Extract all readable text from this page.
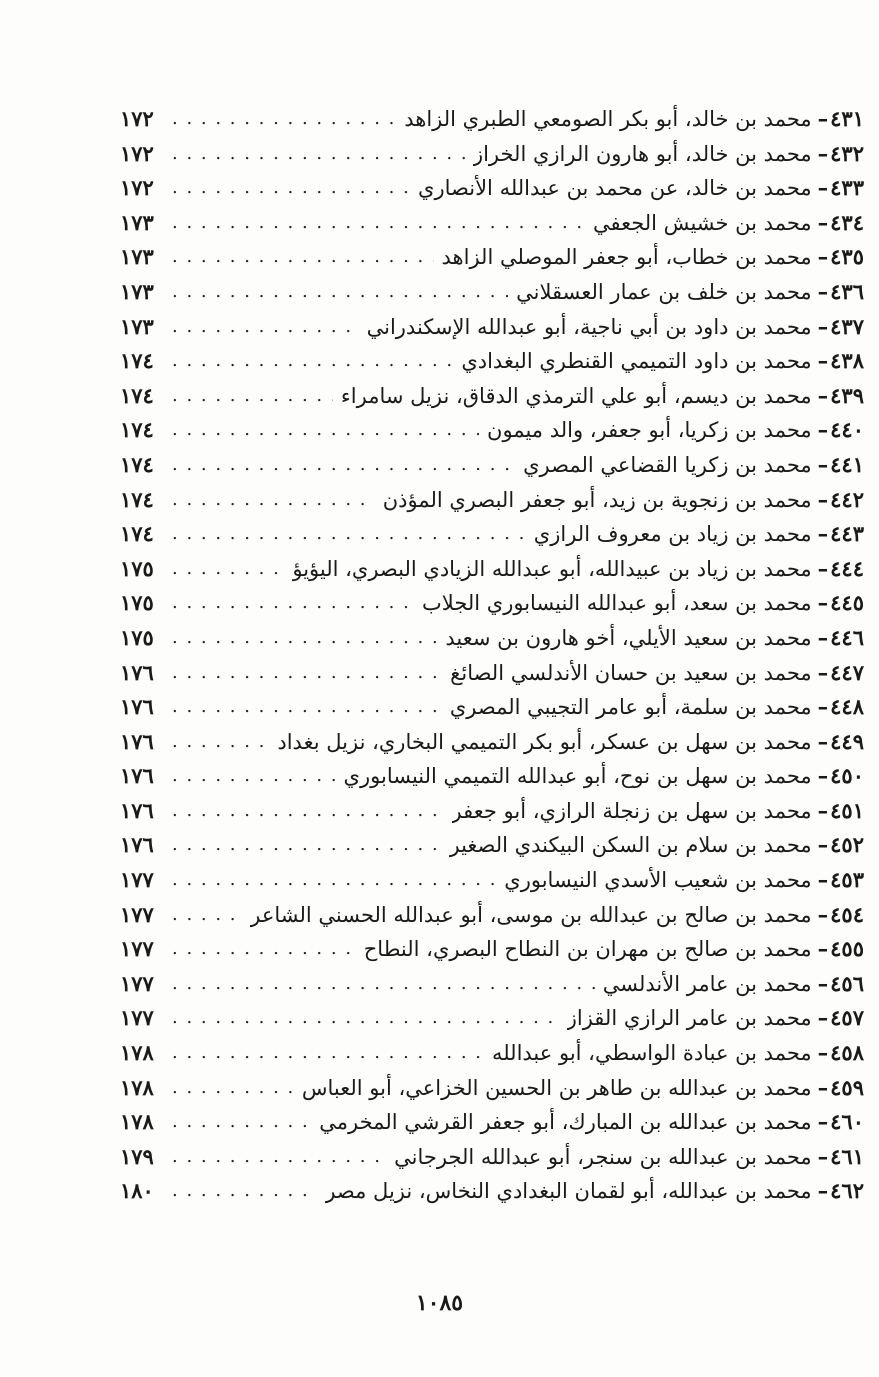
٤٣١
–
محمد بن خالد، أبو بكر الصومعي الطبري الزاهد
. . .
١٧٢
٤٣٢
–
محمد بن خالد، أبو هارون الرازي الخراز
. . .
١٧٢
٤٣٣
–
محمد بن خالد، عن محمد بن عبدالله الأنصاري
. . .
١٧٢
٤٣٤
–
محمد بن خشيش الجعفي
. . .
١٧٣
٤٣٥
–
محمد بن خطاب، أبو جعفر الموصلي الزاهد
. . .
١٧٣
٤٣٦
–
محمد بن خلف بن عمار العسقلاني
. . .
١٧٣
٤٣٧
–
محمد بن داود بن أبي ناجية، أبو عبدالله الإسكندراني
. . .
١٧٣
٤٣٨
–
محمد بن داود التميمي القنطري البغدادي
. . .
١٧٤
٤٣٩
–
محمد بن ديسم، أبو علي الترمذي الدقاق، نزيل سامراء
. . .
١٧٤
٤٤٠
–
محمد بن زكريا، أبو جعفر، والد ميمون
. . .
١٧٤
٤٤١
–
محمد بن زكريا القضاعي المصري
. . .
١٧٤
٤٤٢
–
محمد بن زنجوية بن زيد، أبو جعفر البصري المؤذن
. . .
١٧٤
٤٤٣
–
محمد بن زياد بن معروف الرازي
. . .
١٧٤
٤٤٤
–
محمد بن زياد بن عبيدالله، أبو عبدالله الزيادي البصري، اليؤيؤ
. . .
١٧٥
٤٤٥
–
محمد بن سعد، أبو عبدالله النيسابوري الجلاب
. . .
١٧٥
٤٤٦
–
محمد بن سعيد الأيلي، أخو هارون بن سعيد
. . .
١٧٥
٤٤٧
–
محمد بن سعيد بن حسان الأندلسي الصائغ
. . .
١٧٦
٤٤٨
–
محمد بن سلمة، أبو عامر التجيبي المصري
. . .
١٧٦
٤٤٩
–
محمد بن سهل بن عسكر، أبو بكر التميمي البخاري، نزيل بغداد
. . .
١٧٦
٤٥٠
–
محمد بن سهل بن نوح، أبو عبدالله التميمي النيسابوري
. . .
١٧٦
٤٥١
–
محمد بن سهل بن زنجلة الرازي، أبو جعفر
. . .
١٧٦
٤٥٢
–
محمد بن سلام بن السكن البيكندي الصغير
. . .
١٧٦
٤٥٣
–
محمد بن شعيب الأسدي النيسابوري
. . .
١٧٧
٤٥٤
–
محمد بن صالح بن عبدالله بن موسى، أبو عبدالله الحسني الشاعر
. . .
١٧٧
٤٥٥
–
محمد بن صالح بن مهران بن النطاح البصري، النطاح
. . .
١٧٧
٤٥٦
–
محمد بن عامر الأندلسي
. . .
١٧٧
٤٥٧
–
محمد بن عامر الرازي القزاز
. . .
١٧٧
٤٥٨
–
محمد بن عبادة الواسطي، أبو عبدالله
. . .
١٧٨
٤٥٩
–
محمد بن عبدالله بن طاهر بن الحسين الخزاعي، أبو العباس
. . .
١٧٨
٤٦٠
–
محمد بن عبدالله بن المبارك، أبو جعفر القرشي المخرمي
. . .
١٧٨
٤٦١
–
محمد بن عبدالله بن سنجر، أبو عبدالله الجرجاني
. . .
١٧٩
٤٦٢
–
محمد بن عبدالله، أبو لقمان البغدادي النخاس، نزيل مصر
. . .
١٨٠
١٠٨٥
